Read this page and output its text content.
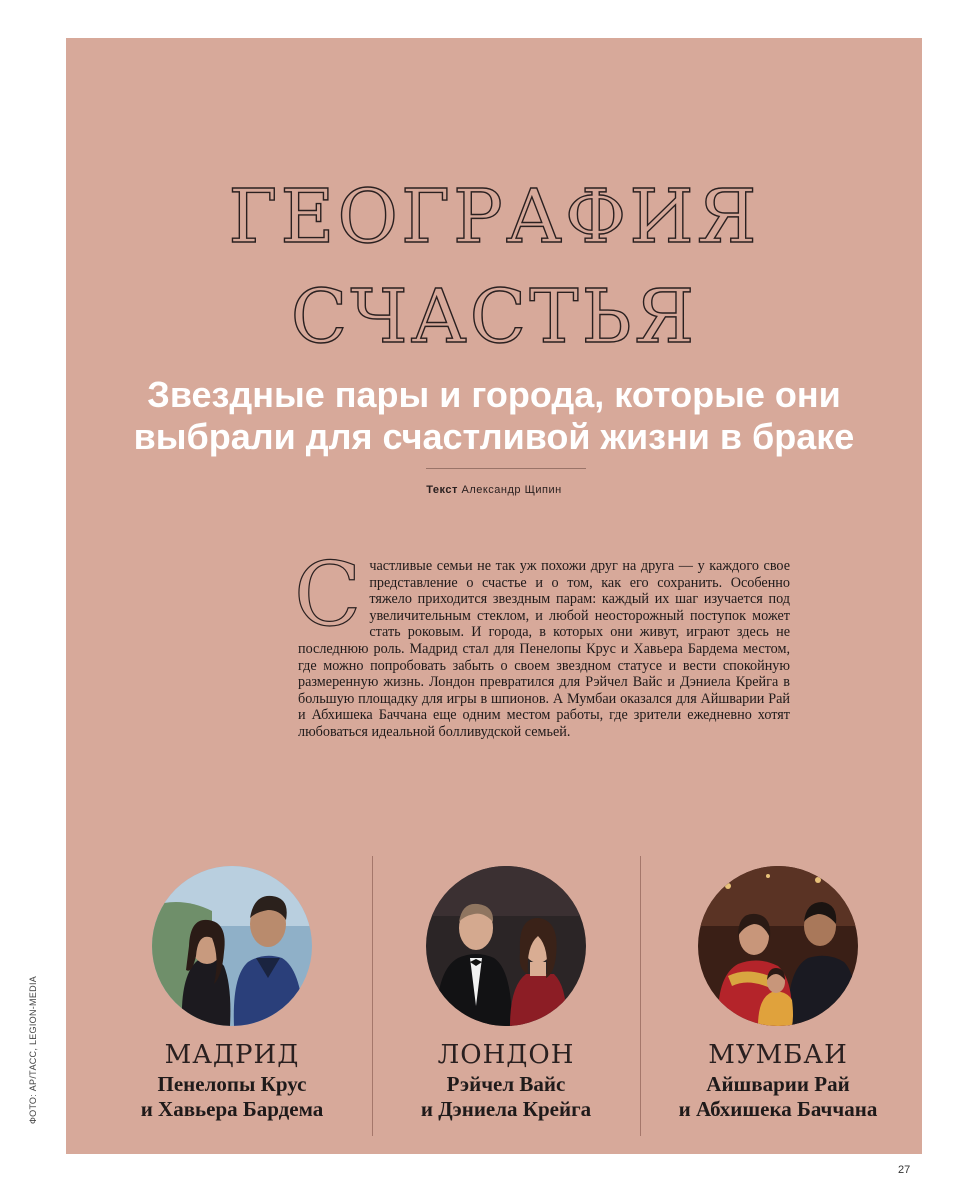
ГЕОГРАФИЯ
СЧАСТЬЯ
Звездные пары и города, которые они
выбрали для счастливой жизни в браке
Текст Александр Щипин
С частливые семьи не так уж похожи друг на друга — у каждого свое представление о счастье и о том, как его сохранить. Особенно тяжело приходится звездным парам: каждый их шаг изучается под увеличительным стеклом, и любой неосторожный поступок может стать роковым. И города, в которых они живут, играют здесь не последнюю роль. Мадрид стал для Пенелопы Крус и Хавьера Бардема местом, где можно попробовать забыть о своем звездном статусе и вести спокойную размеренную жизнь. Лондон превратился для Рэйчел Вайс и Дэниела Крейга в большую площадку для игры в шпионов. А Мумбаи оказался для Айшварии Рай и Абхишека Баччана еще одним местом работы, где зрители ежедневно хотят любоваться идеальной болливудской семьей.
МАДРИД
Пенелопы Крус
и Хавьера Бардема
ЛОНДОН
Рэйчел Вайс
и Дэниела Крейга
МУМБАИ
Айшварии Рай
и Абхишека Баччана
ФОТО: AP/ТАСС, LEGION-MEDIA
27
